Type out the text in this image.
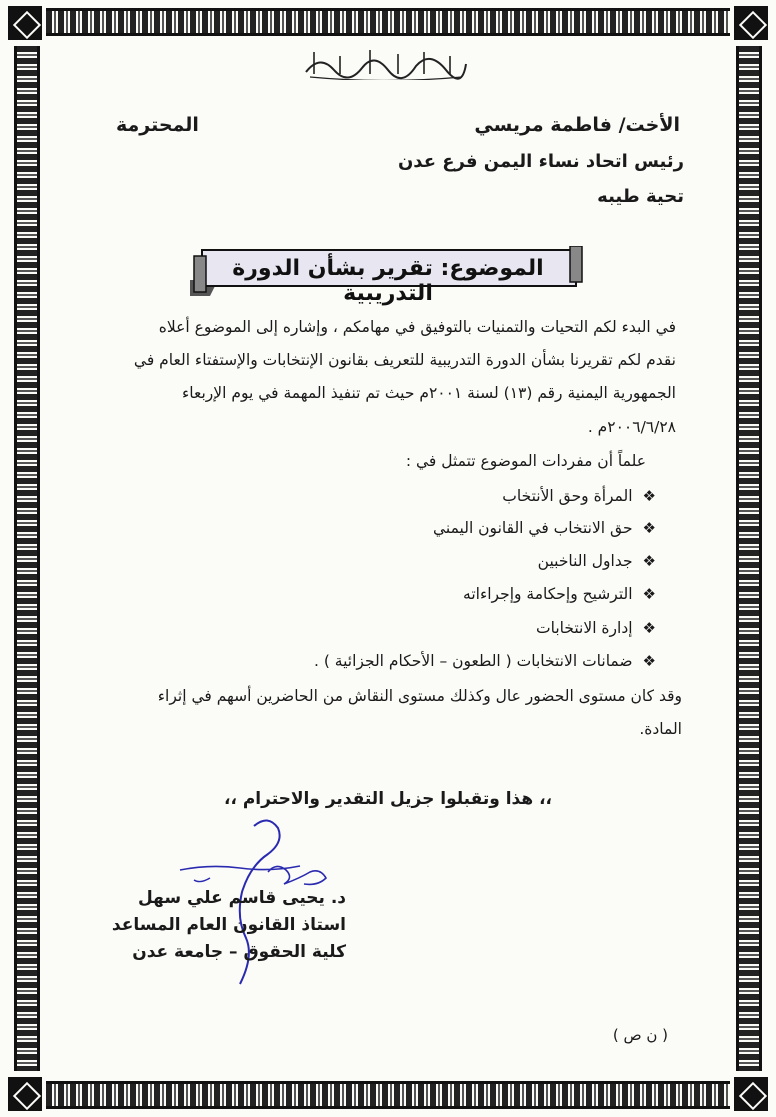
الأخت/ فاطمة مريسي
المحترمة
رئيس اتحاد نساء اليمن فرع عدن
تحية طيبه
الموضوع: تقرير بشأن الدورة التدريبية
في البدء لكم التحيات والتمنيات بالتوفيق في مهامكم ، وإشاره إلى الموضوع أعلاه
نقدم لكم تقريرنا بشأن الدورة التدريبية للتعريف بقانون الإنتخابات والإستفتاء العام في
الجمهورية اليمنية رقم (١٣) لسنة ٢٠٠١م حيث تم تنفيذ المهمة في يوم الإربعاء
٢٠٠٦/٦/٢٨م .
علماً أن مفردات الموضوع تتمثل في :
❖المرأة وحق الأنتخاب
❖حق الانتخاب في القانون اليمني
❖جداول الناخبين
❖الترشيح وإحكامة وإجراءاته
❖إدارة الانتخابات
❖ضمانات الانتخابات ( الطعون – الأحكام الجزائية ) .
وقد كان مستوى الحضور عال وكذلك مستوى النقاش من الحاضرين أسهم في إثراء
المادة.
،، هذا وتقبلوا جزيل التقدير والاحترام ،،
د. يحيى قاسم علي سهل
استاذ القانون العام المساعد
كلية الحقوق – جامعة عدن
( ن ص )
